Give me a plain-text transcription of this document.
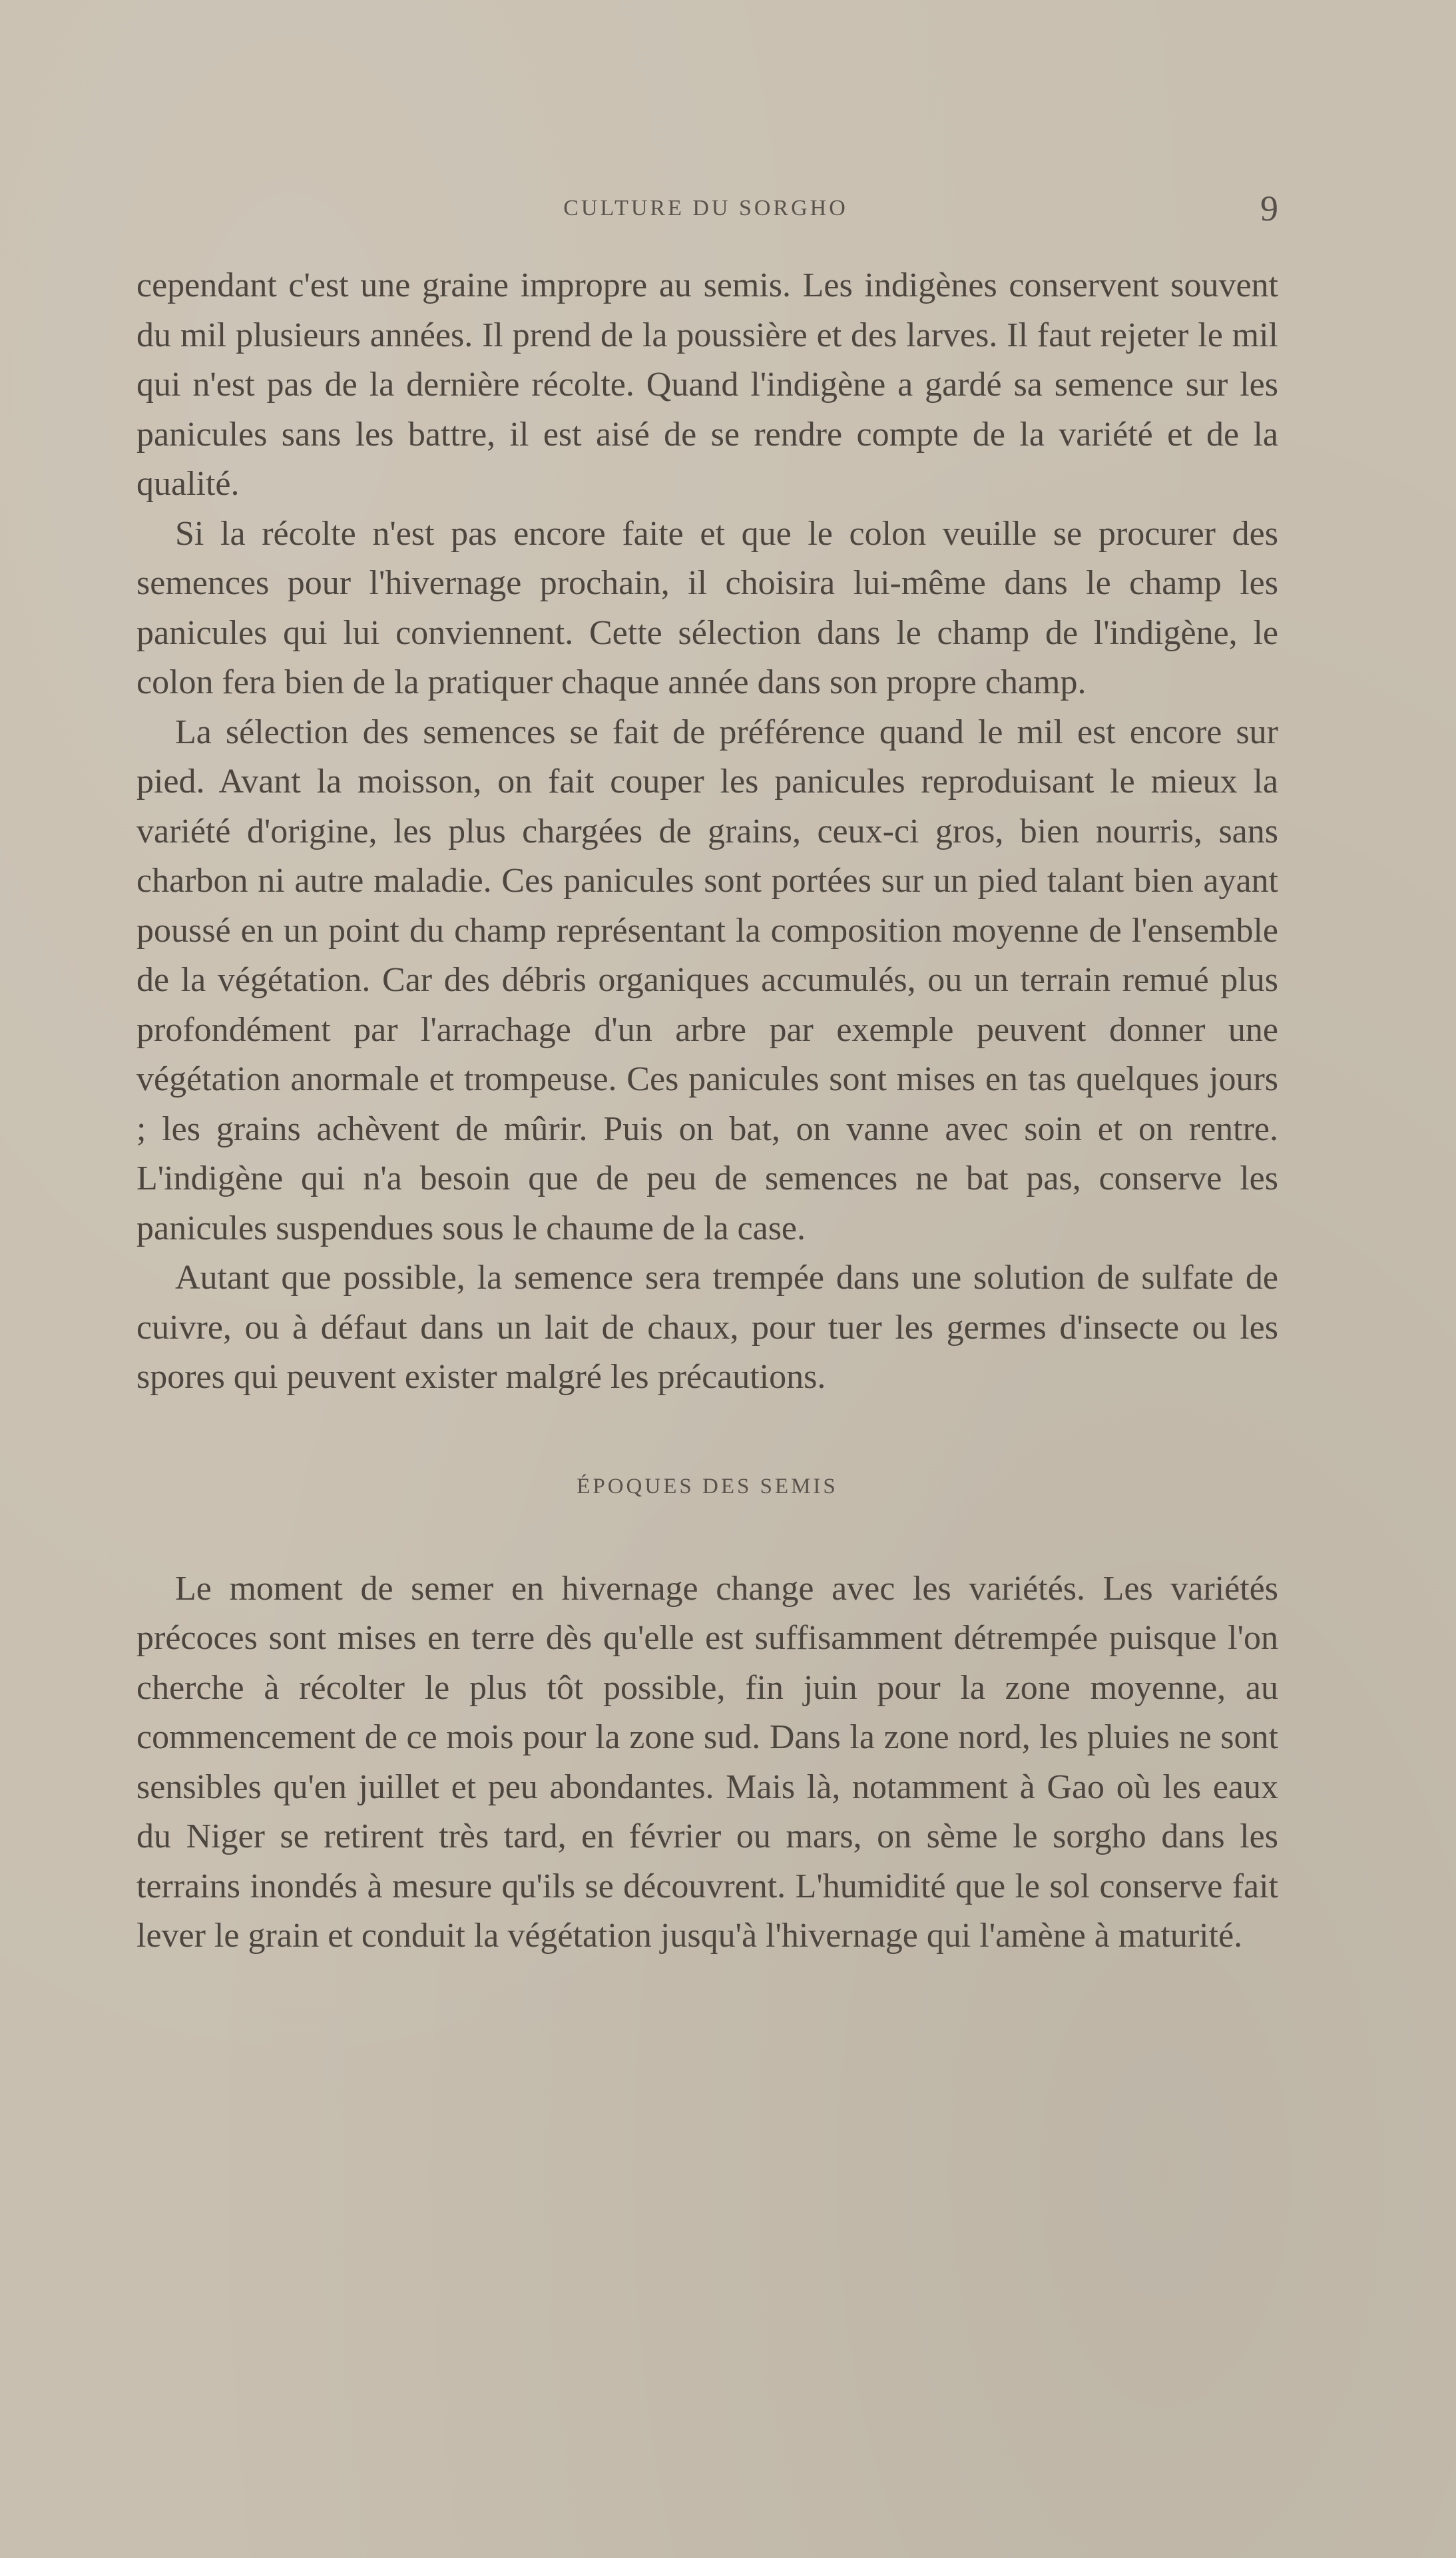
CULTURE DU SORGHO	9

cependant c'est une graine impropre au semis. Les indigènes conservent souvent du mil plusieurs années. Il prend de la poussière et des larves. Il faut rejeter le mil qui n'est pas de la dernière récolte. Quand l'indigène a gardé sa semence sur les panicules sans les battre, il est aisé de se rendre compte de la variété et de la qualité.

Si la récolte n'est pas encore faite et que le colon veuille se procurer des semences pour l'hivernage prochain, il choisira lui-même dans le champ les panicules qui lui conviennent. Cette sélection dans le champ de l'indigène, le colon fera bien de la pratiquer chaque année dans son propre champ.

La sélection des semences se fait de préférence quand le mil est encore sur pied. Avant la moisson, on fait couper les panicules reproduisant le mieux la variété d'origine, les plus chargées de grains, ceux-ci gros, bien nourris, sans charbon ni autre maladie. Ces panicules sont portées sur un pied talant bien ayant poussé en un point du champ représentant la composition moyenne de l'ensemble de la végétation. Car des débris organiques accumulés, ou un terrain remué plus profondément par l'arrachage d'un arbre par exemple peuvent donner une végétation anormale et trompeuse. Ces panicules sont mises en tas quelques jours ; les grains achèvent de mûrir. Puis on bat, on vanne avec soin et on rentre. L'indigène qui n'a besoin que de peu de semences ne bat pas, conserve les panicules suspendues sous le chaume de la case.

Autant que possible, la semence sera trempée dans une solution de sulfate de cuivre, ou à défaut dans un lait de chaux, pour tuer les germes d'insecte ou les spores qui peuvent exister malgré les précautions.

ÉPOQUES DES SEMIS

Le moment de semer en hivernage change avec les variétés. Les variétés précoces sont mises en terre dès qu'elle est suffisamment détrempée puisque l'on cherche à récolter le plus tôt possible, fin juin pour la zone moyenne, au commencement de ce mois pour la zone sud. Dans la zone nord, les pluies ne sont sensibles qu'en juillet et peu abondantes. Mais là, notamment à Gao où les eaux du Niger se retirent très tard, en février ou mars, on sème le sorgho dans les terrains inondés à mesure qu'ils se découvrent. L'humidité que le sol conserve fait lever le grain et conduit la végétation jusqu'à l'hivernage qui l'amène à maturité.
